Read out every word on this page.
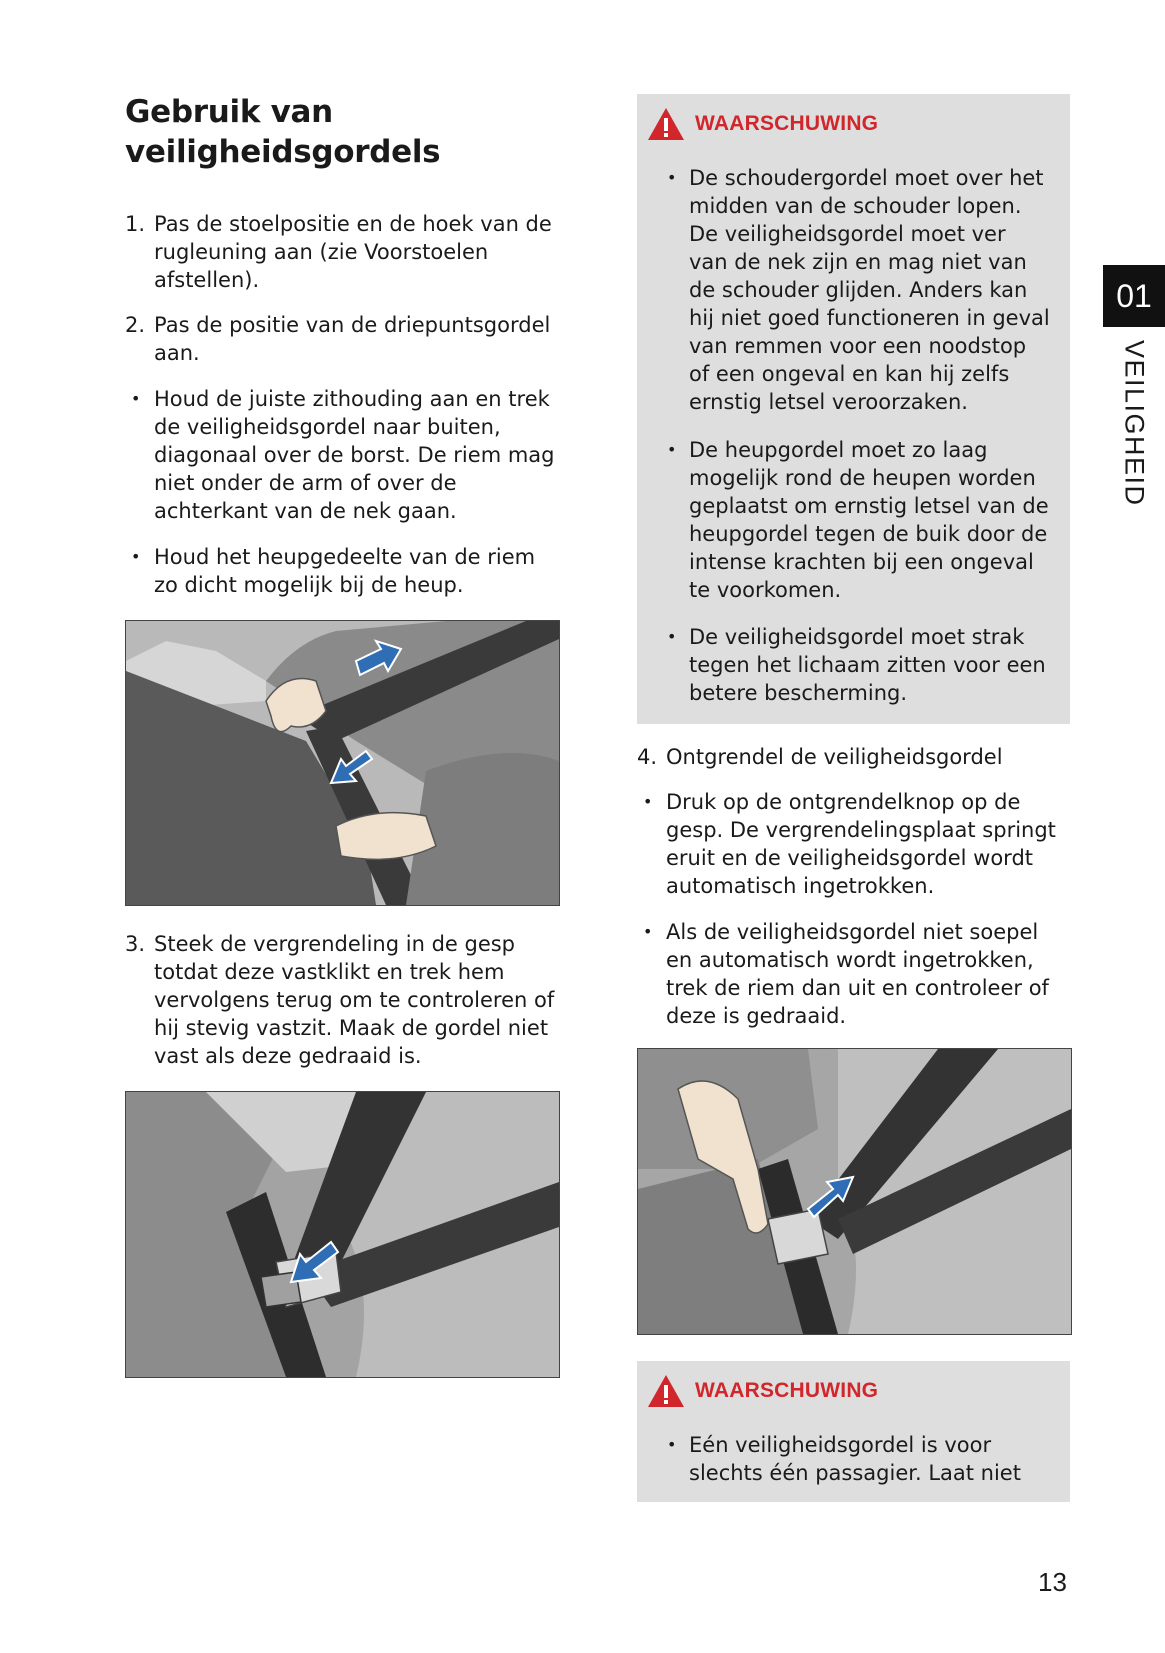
Gebruik van
veiligheidsgordels
1. Pas de stoelpositie en de hoek van de rugleuning aan (zie Voorstoelen afstellen).
2. Pas de positie van de driepuntsgordel aan.
• Houd de juiste zithouding aan en trek de veiligheidsgordel naar buiten, diagonaal over de borst. De riem mag niet onder de arm of over de achterkant van de nek gaan.
• Houd het heupgedeelte van de riem zo dicht mogelijk bij de heup.
3. Steek de vergrendeling in de gesp totdat deze vastklikt en trek hem vervolgens terug om te controleren of hij stevig vastzit. Maak de gordel niet vast als deze gedraaid is.
WAARSCHUWING
• De schoudergordel moet over het midden van de schouder lopen. De veiligheidsgordel moet ver van de nek zijn en mag niet van de schouder glijden. Anders kan hij niet goed functioneren in geval van remmen voor een noodstop of een ongeval en kan hij zelfs ernstig letsel veroorzaken.
• De heupgordel moet zo laag mogelijk rond de heupen worden geplaatst om ernstig letsel van de heupgordel tegen de buik door de intense krachten bij een ongeval te voorkomen.
• De veiligheidsgordel moet strak tegen het lichaam zitten voor een betere bescherming.
4. Ontgrendel de veiligheidsgordel
• Druk op de ontgrendelknop op de gesp. De vergrendelingsplaat springt eruit en de veiligheidsgordel wordt automatisch ingetrokken.
• Als de veiligheidsgordel niet soepel en automatisch wordt ingetrokken, trek de riem dan uit en controleer of deze is gedraaid.
WAARSCHUWING
• Eén veiligheidsgordel is voor slechts één passagier. Laat niet
01
VEILIGHEID
13
